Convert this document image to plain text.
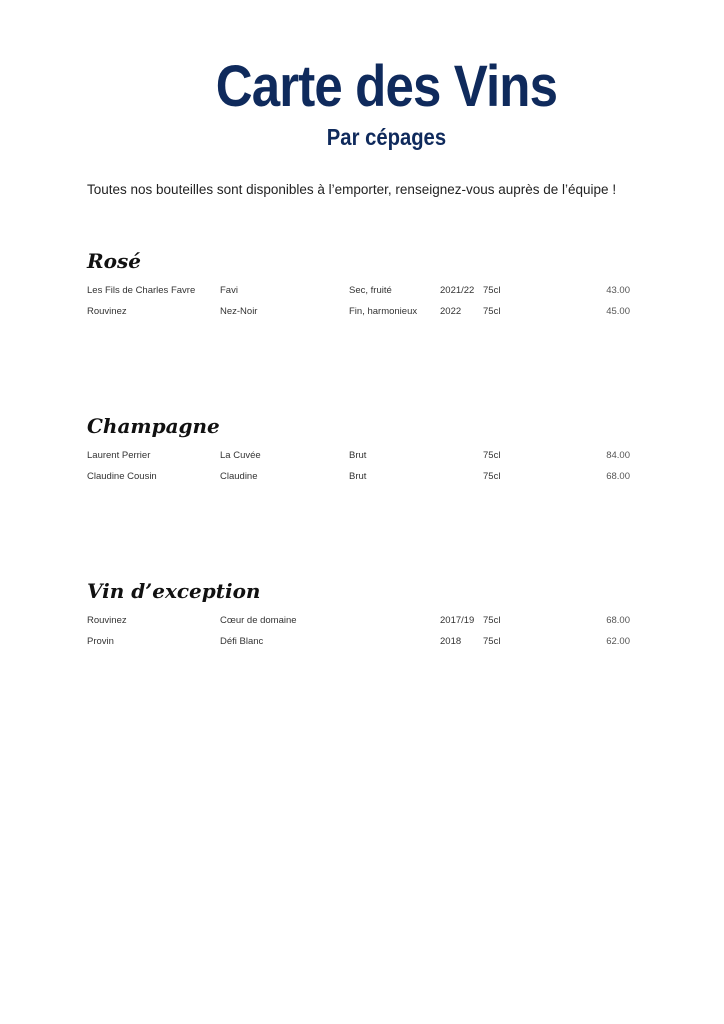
Carte des Vins
Par cépages

Toutes nos bouteilles sont disponibles à l’emporter, renseignez-vous auprès de l’équipe !

Rosé
Les Fils de Charles Favre	Favi	Sec, fruité	2021/22 75cl	43.00
Rouvinez	Nez-Noir	Fin, harmonieux 2022 75cl	45.00
Champagne
Laurent Perrier	La Cuvée	Brut	75cl	84.00
Claudine Cousin	Claudine	Brut	75cl	68.00
Vin d’exception
Rouvinez	Cœur de domaine	2017/19 75cl	68.00
Provin	Défi Blanc	2018 75cl	62.00
